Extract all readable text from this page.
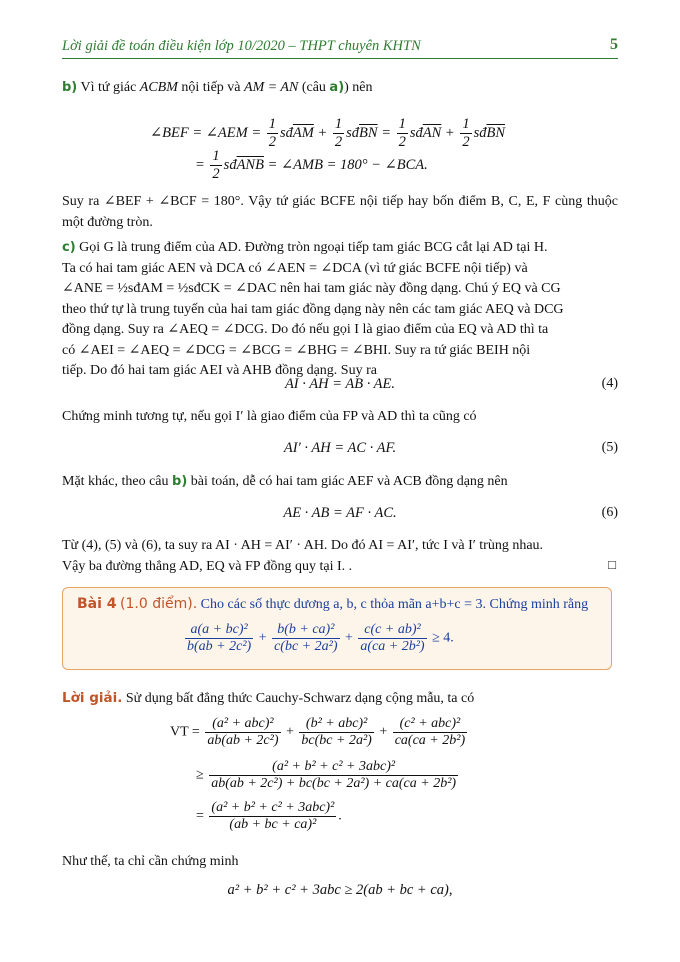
Lời giải đề toán điều kiện lớp 10/2020 – THPT chuyên KHTN	5
b) Vì tứ giác ACBM nội tiếp và AM = AN (câu a)) nên
∠BEF = ∠AEM = $\frac{1}{2}$ $sđ\overline{AM} + \frac{1}{2}$ $sđ\overline{BN} = \frac{1}{2}$ $sđ\overline{AN} + \frac{1}{2}$ $sđ\overline{BN}$
= $\frac{1}{2}$ $sđ\overline{ANB}$ = ∠AMB = 180° − ∠BCA.
Suy ra ∠BEF + ∠BCF = 180°. Vậy tứ giác BCFE nội tiếp hay bốn điểm B, C, E, F cùng thuộc một đường tròn.
c) Gọi G là trung điểm của AD. Đường tròn ngoại tiếp tam giác BCG cắt lại AD tại H.
Ta có hai tam giác AEN và DCA có ∠AEN = ∠DCA (vì tứ giác BCFE nội tiếp) và
∠ANE = ½sđAM = ½sđCK = ∠DAC nên hai tam giác này đồng dạng. Chú ý EQ và CG
theo thứ tự là trung tuyến của hai tam giác đồng dạng này nên các tam giác AEQ và DCG
đồng dạng. Suy ra ∠AEQ = ∠DCG. Do đó nếu gọi I là giao điểm của EQ và AD thì ta
có ∠AEI = ∠AEQ = ∠DCG = ∠BCG = ∠BHG = ∠BHI. Suy ra tứ giác BEIH nội
tiếp. Do đó hai tam giác AEI và AHB đồng dạng. Suy ra
AI · AH = AB · AE.	(4)
Chứng minh tương tự, nếu gọi I′ là giao điểm của FP và AD thì ta cũng có
AI′ · AH = AC · AF.	(5)
Mặt khác, theo câu b) bài toán, dễ có hai tam giác AEF và ACB đồng dạng nên
AE · AB = AF · AC.	(6)
Từ (4), (5) và (6), ta suy ra AI · AH = AI′ · AH. Do đó AI = AI′, tức I và I′ trùng nhau.
Vậy ba đường thẳng AD, EQ và FP đồng quy tại I. .	□
Bài 4 (1.0 điểm). Cho các số thực dương a, b, c thỏa mãn a+b+c = 3. Chứng minh rằng
$\frac{\text{a(a + bc)²}}{\text{b(ab + 2c²)}} + \frac{\text{b(b + ca)²}}{\text{c(bc + 2a²)}} + \frac{\text{c(c + ab)²}}{\text{a(ca + 2b²)}} \ge 4$.
Lời giải. Sử dụng bất đẳng thức Cauchy-Schwarz dạng cộng mẫu, ta có
VT = $\frac{\text{(a² + abc)²}}{\text{ab(ab + 2c²)}} + \frac{\text{(b² + abc)²}}{\text{bc(bc + 2a²)}} + \frac{\text{(c² + abc)²}}{\text{ca(ca + 2b²)}}$
≥ $\frac{\text{(a² + b² + c² + 3abc)²}}{\text{ab(ab + 2c²) + bc(bc + 2a²) + ca(ca + 2b²)}}$
= $\frac{\text{(a² + b² + c² + 3abc)²}}{\text{(ab + bc + ca)²}}$ .
Như thế, ta chỉ cần chứng minh
a² + b² + c² + 3abc ≥ 2(ab + bc + ca),
